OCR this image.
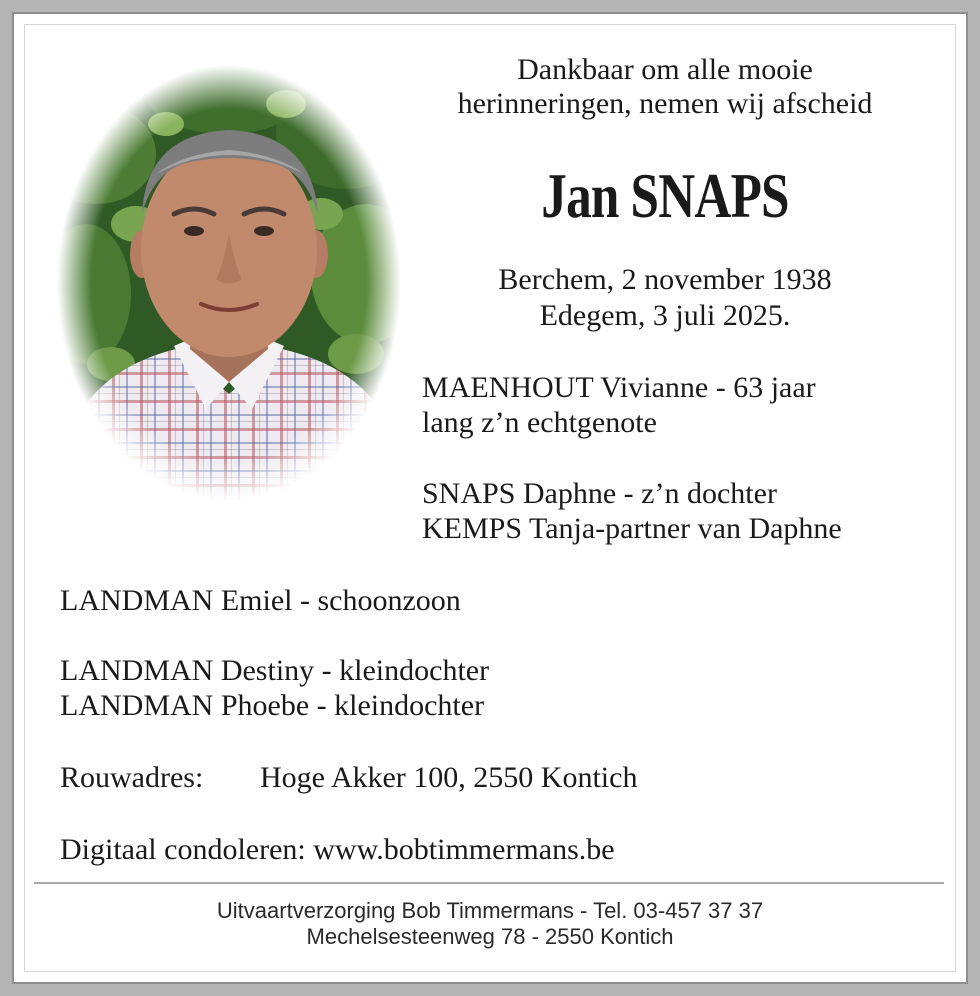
Dankbaar om alle mooie
herinneringen, nemen wij afscheid
Jan SNAPS
Berchem, 2 november 1938
Edegem, 3 juli 2025.
MAENHOUT Vivianne - 63 jaar
lang z’n echtgenote
SNAPS Daphne - z’n dochter
KEMPS Tanja-partner van Daphne
LANDMAN Emiel - schoonzoon
LANDMAN Destiny - kleindochter
LANDMAN Phoebe - kleindochter
Rouwadres: Hoge Akker 100, 2550 Kontich
Digitaal condoleren: www.bobtimmermans.be
Uitvaartverzorging Bob Timmermans - Tel. 03-457 37 37
Mechelsesteenweg 78 - 2550 Kontich
